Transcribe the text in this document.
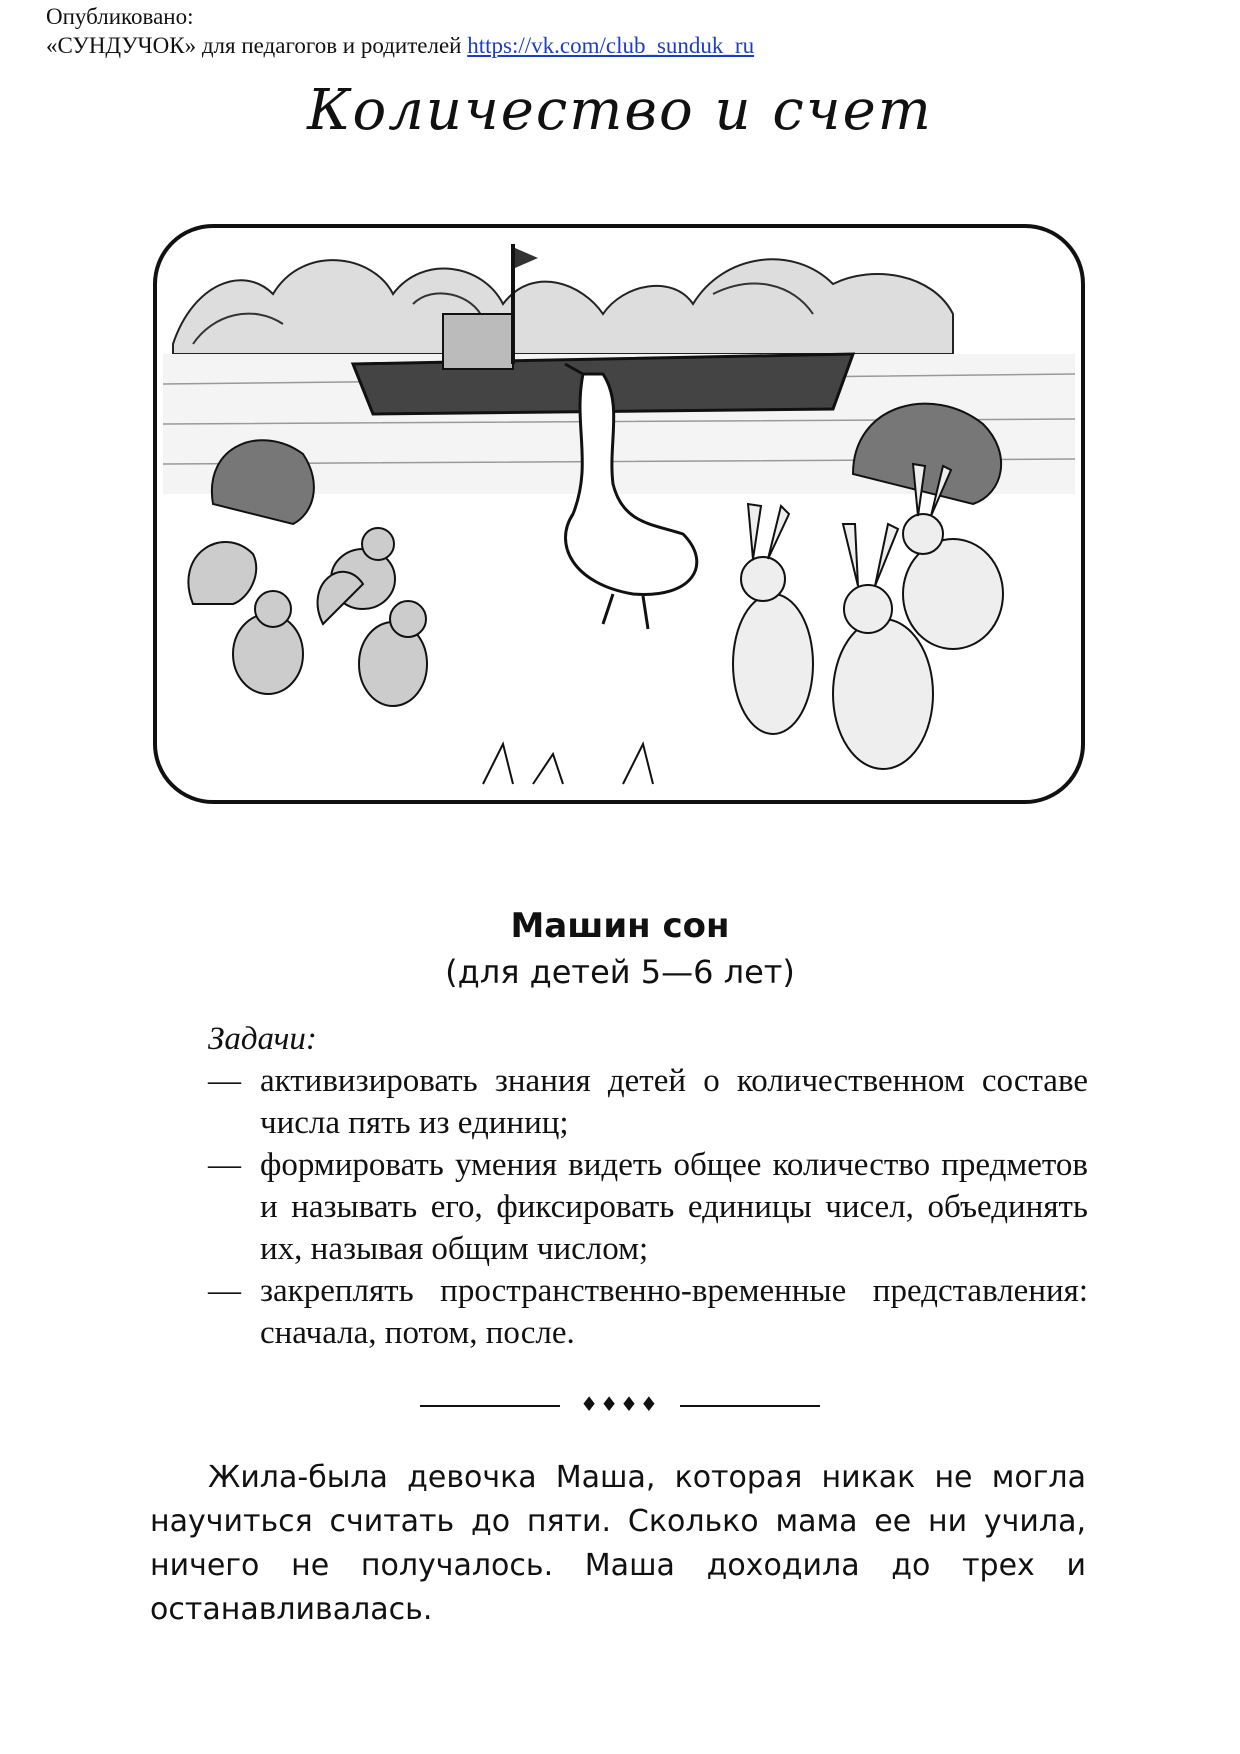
Опубликовано:
«СУНДУЧОК» для педагогов и родителей https://vk.com/club_sunduk_ru
Количество и счет
Машин сон
(для детей 5—6 лет)
Задачи:
— активизировать знания детей о количественном составе числа пять из единиц;
— формировать умения видеть общее количество предметов и называть его, фиксировать единицы чисел, объединять их, называя общим числом;
— закреплять пространственно-временные представления: сначала, потом, после.
♦♦♦♦
Жила-была девочка Маша, которая никак не могла научиться считать до пяти. Сколько мама ее ни учила, ничего не получалось. Маша доходила до трех и останавливалась.
